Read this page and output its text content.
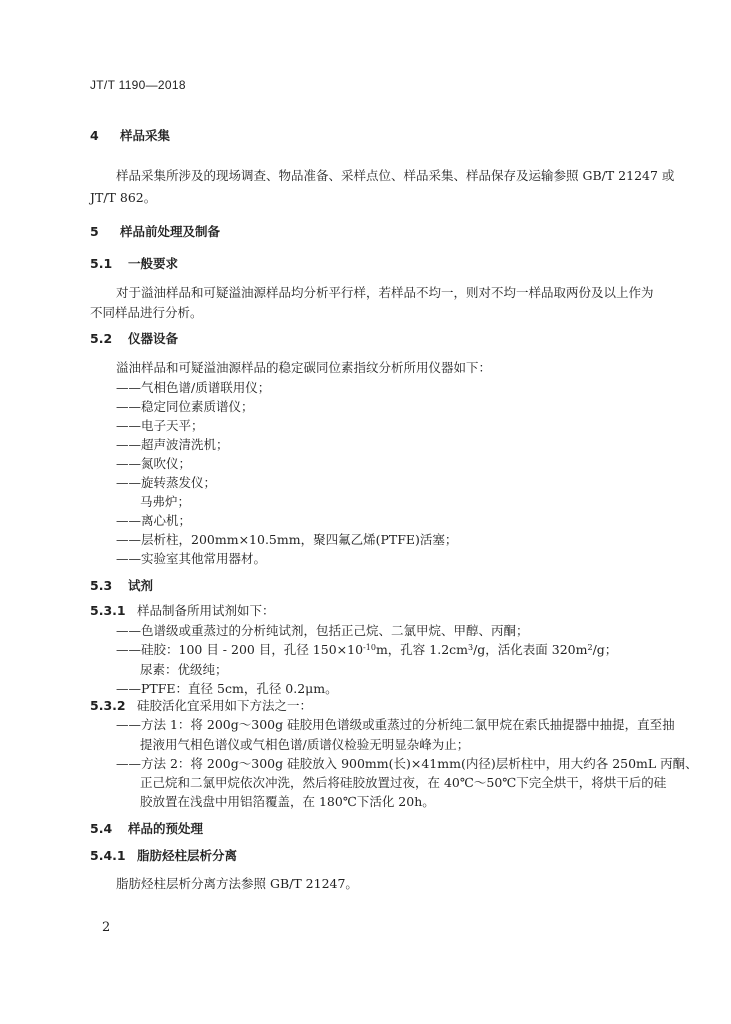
JT/T 1190—2018
4 样品采集
样品采集所涉及的现场调查、物品准备、采样点位、样品采集、样品保存及运输参照 GB/T 21247 或
JT/T 862。
5 样品前处理及制备
5.1 一般要求
对于溢油样品和可疑溢油源样品均分析平行样，若样品不均一，则对不均一样品取两份及以上作为
不同样品进行分析。
5.2 仪器设备
溢油样品和可疑溢油源样品的稳定碳同位素指纹分析所用仪器如下：
——气相色谱/质谱联用仪；
——稳定同位素质谱仪；
——电子天平；
——超声波清洗机；
——氮吹仪；
——旋转蒸发仪；
马弗炉；
——离心机；
——层析柱，200mm×10.5mm，聚四氟乙烯(PTFE)活塞；
——实验室其他常用器材。
5.3 试剂
5.3.1 样品制备所用试剂如下：
——色谱级或重蒸过的分析纯试剂，包括正己烷、二氯甲烷、甲醇、丙酮；
——硅胶：100 目 - 200 目，孔径 $150\times 10^{-10}m$，孔容 $1.2cm^3/g$，活化表面 $320m^2/g$；
尿素：优级纯；
——PTFE：直径 5cm，孔径 0.2μm。
5.3.2 硅胶活化宜采用如下方法之一：
——方法 1：将 200g～300g 硅胶用色谱级或重蒸过的分析纯二氯甲烷在索氏抽提器中抽提，直至抽
提液用气相色谱仪或气相色谱/质谱仪检验无明显杂峰为止；
——方法 2：将 200g～300g 硅胶放入 900mm(长)×41mm(内径)层析柱中，用大约各 250mL 丙酮、
正己烷和二氯甲烷依次冲洗，然后将硅胶放置过夜，在 40℃～50℃下完全烘干，将烘干后的硅
胶放置在浅盘中用铝箔覆盖，在 180℃下活化 20h。
5.4 样品的预处理
5.4.1 脂肪烃柱层析分离
脂肪烃柱层析分离方法参照 GB/T 21247。
2
